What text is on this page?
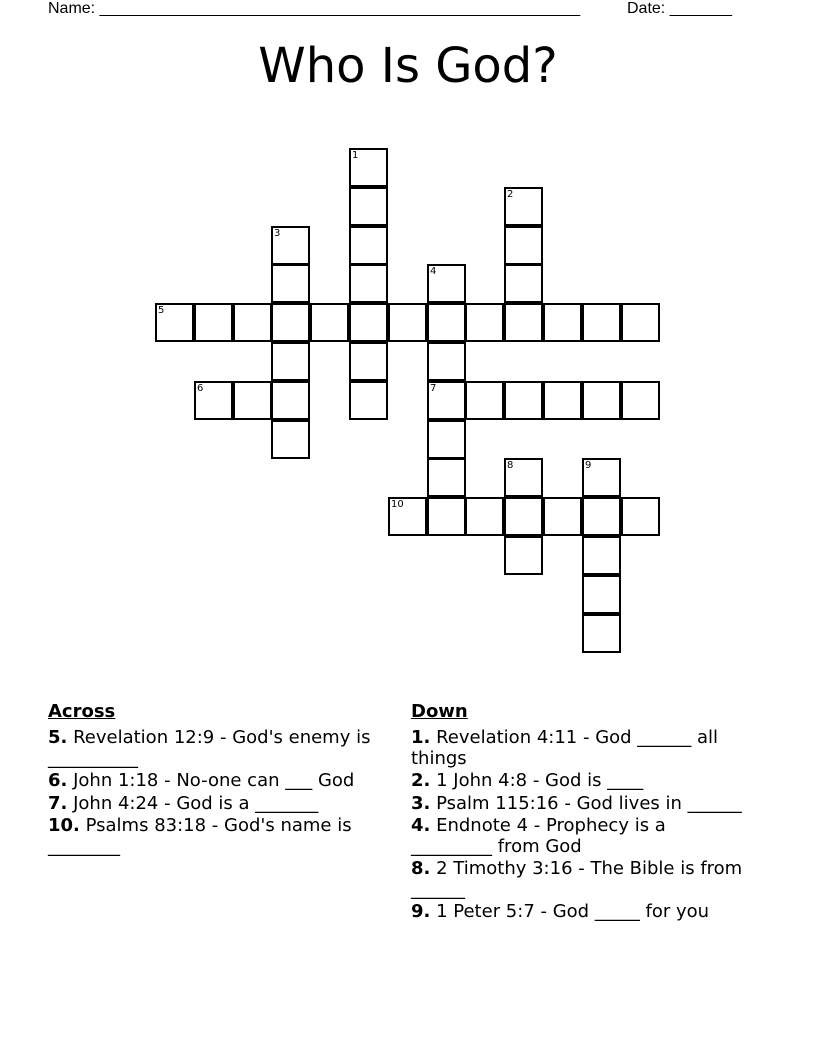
Name: ______________________________________________________	Date: _______
Who Is God?
1
2
3
4
7
5
6
8	9
10
Across
5. Revelation 12:9 - God's enemy is __________
6. John 1:18 - No-one can ___ God
7. John 4:24 - God is a _______
10. Psalms 83:18 - God's name is ________
Down
1. Revelation 4:11 - God ______ all things
2. 1 John 4:8 - God is ____
3. Psalm 115:16 - God lives in ______
4. Endnote 4 - Prophecy is a _________ from God
8. 2 Timothy 3:16 - The Bible is from ______
9. 1 Peter 5:7 - God _____ for you
